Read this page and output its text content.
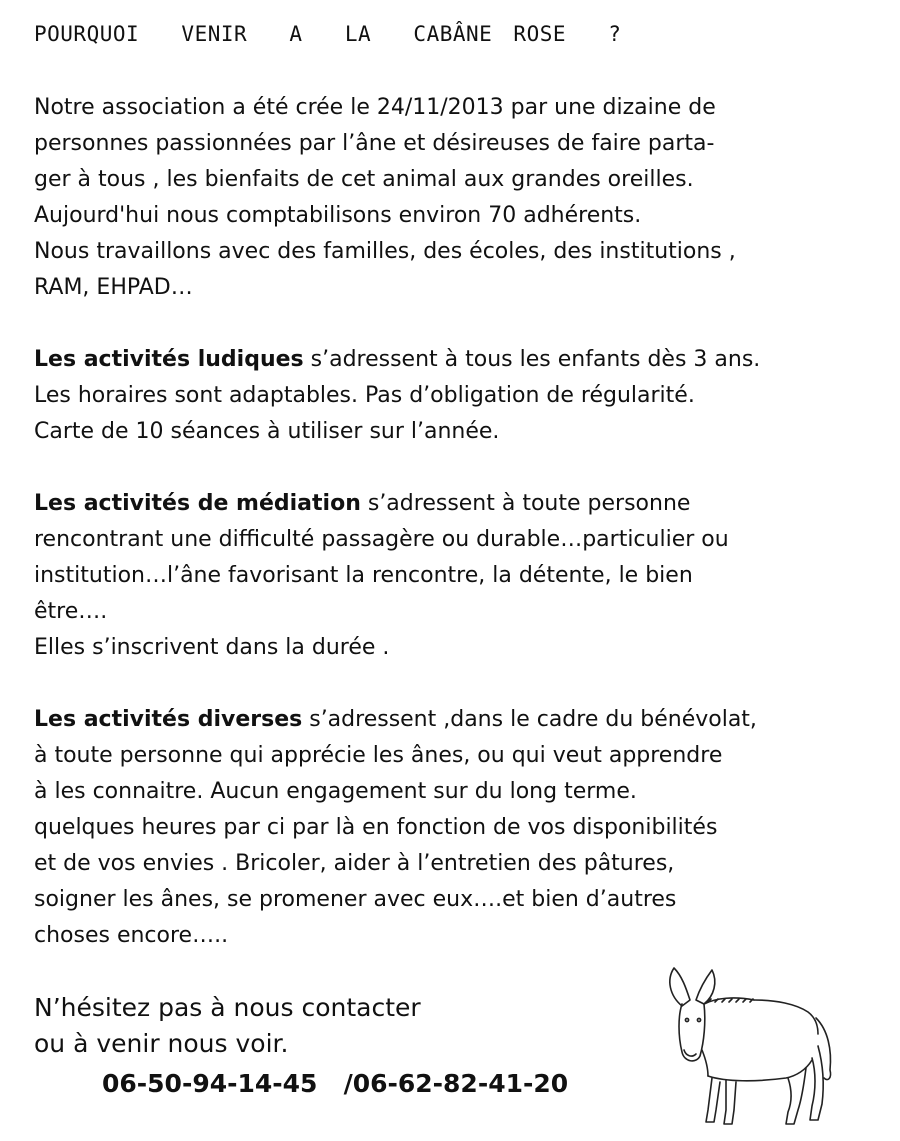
POURQUOI  VENIR  A  LA  CABÂNE ROSE  ?
Notre association a été crée le 24/11/2013 par une dizaine de
personnes passionnées par l’âne et désireuses de faire parta-
ger à tous , les bienfaits de cet animal aux grandes oreilles.
Aujourd'hui nous comptabilisons environ 70 adhérents.
Nous travaillons avec des familles, des écoles, des institutions ,
RAM, EHPAD…
Les activités ludiques s’adressent à tous les enfants dès 3 ans.
Les horaires sont adaptables. Pas d’obligation de régularité.
Carte de 10 séances à utiliser sur l’année.
Les activités de médiation s’adressent à toute personne
rencontrant une difficulté passagère ou durable…particulier ou
institution…l’âne favorisant la rencontre, la détente, le bien
être….
Elles s’inscrivent dans la durée .
Les activités diverses s’adressent ,dans le cadre du bénévolat,
à toute personne qui apprécie les ânes, ou qui veut apprendre
à les connaitre. Aucun engagement sur du long terme.
quelques heures par ci par là en fonction de vos disponibilités
et de vos envies . Bricoler, aider à l’entretien des pâtures,
soigner les ânes, se promener avec eux….et bien d’autres
choses encore…..
N’hésitez pas à nous contacter
ou à venir nous voir.
06-50-94-14-45   /06-62-82-41-20
